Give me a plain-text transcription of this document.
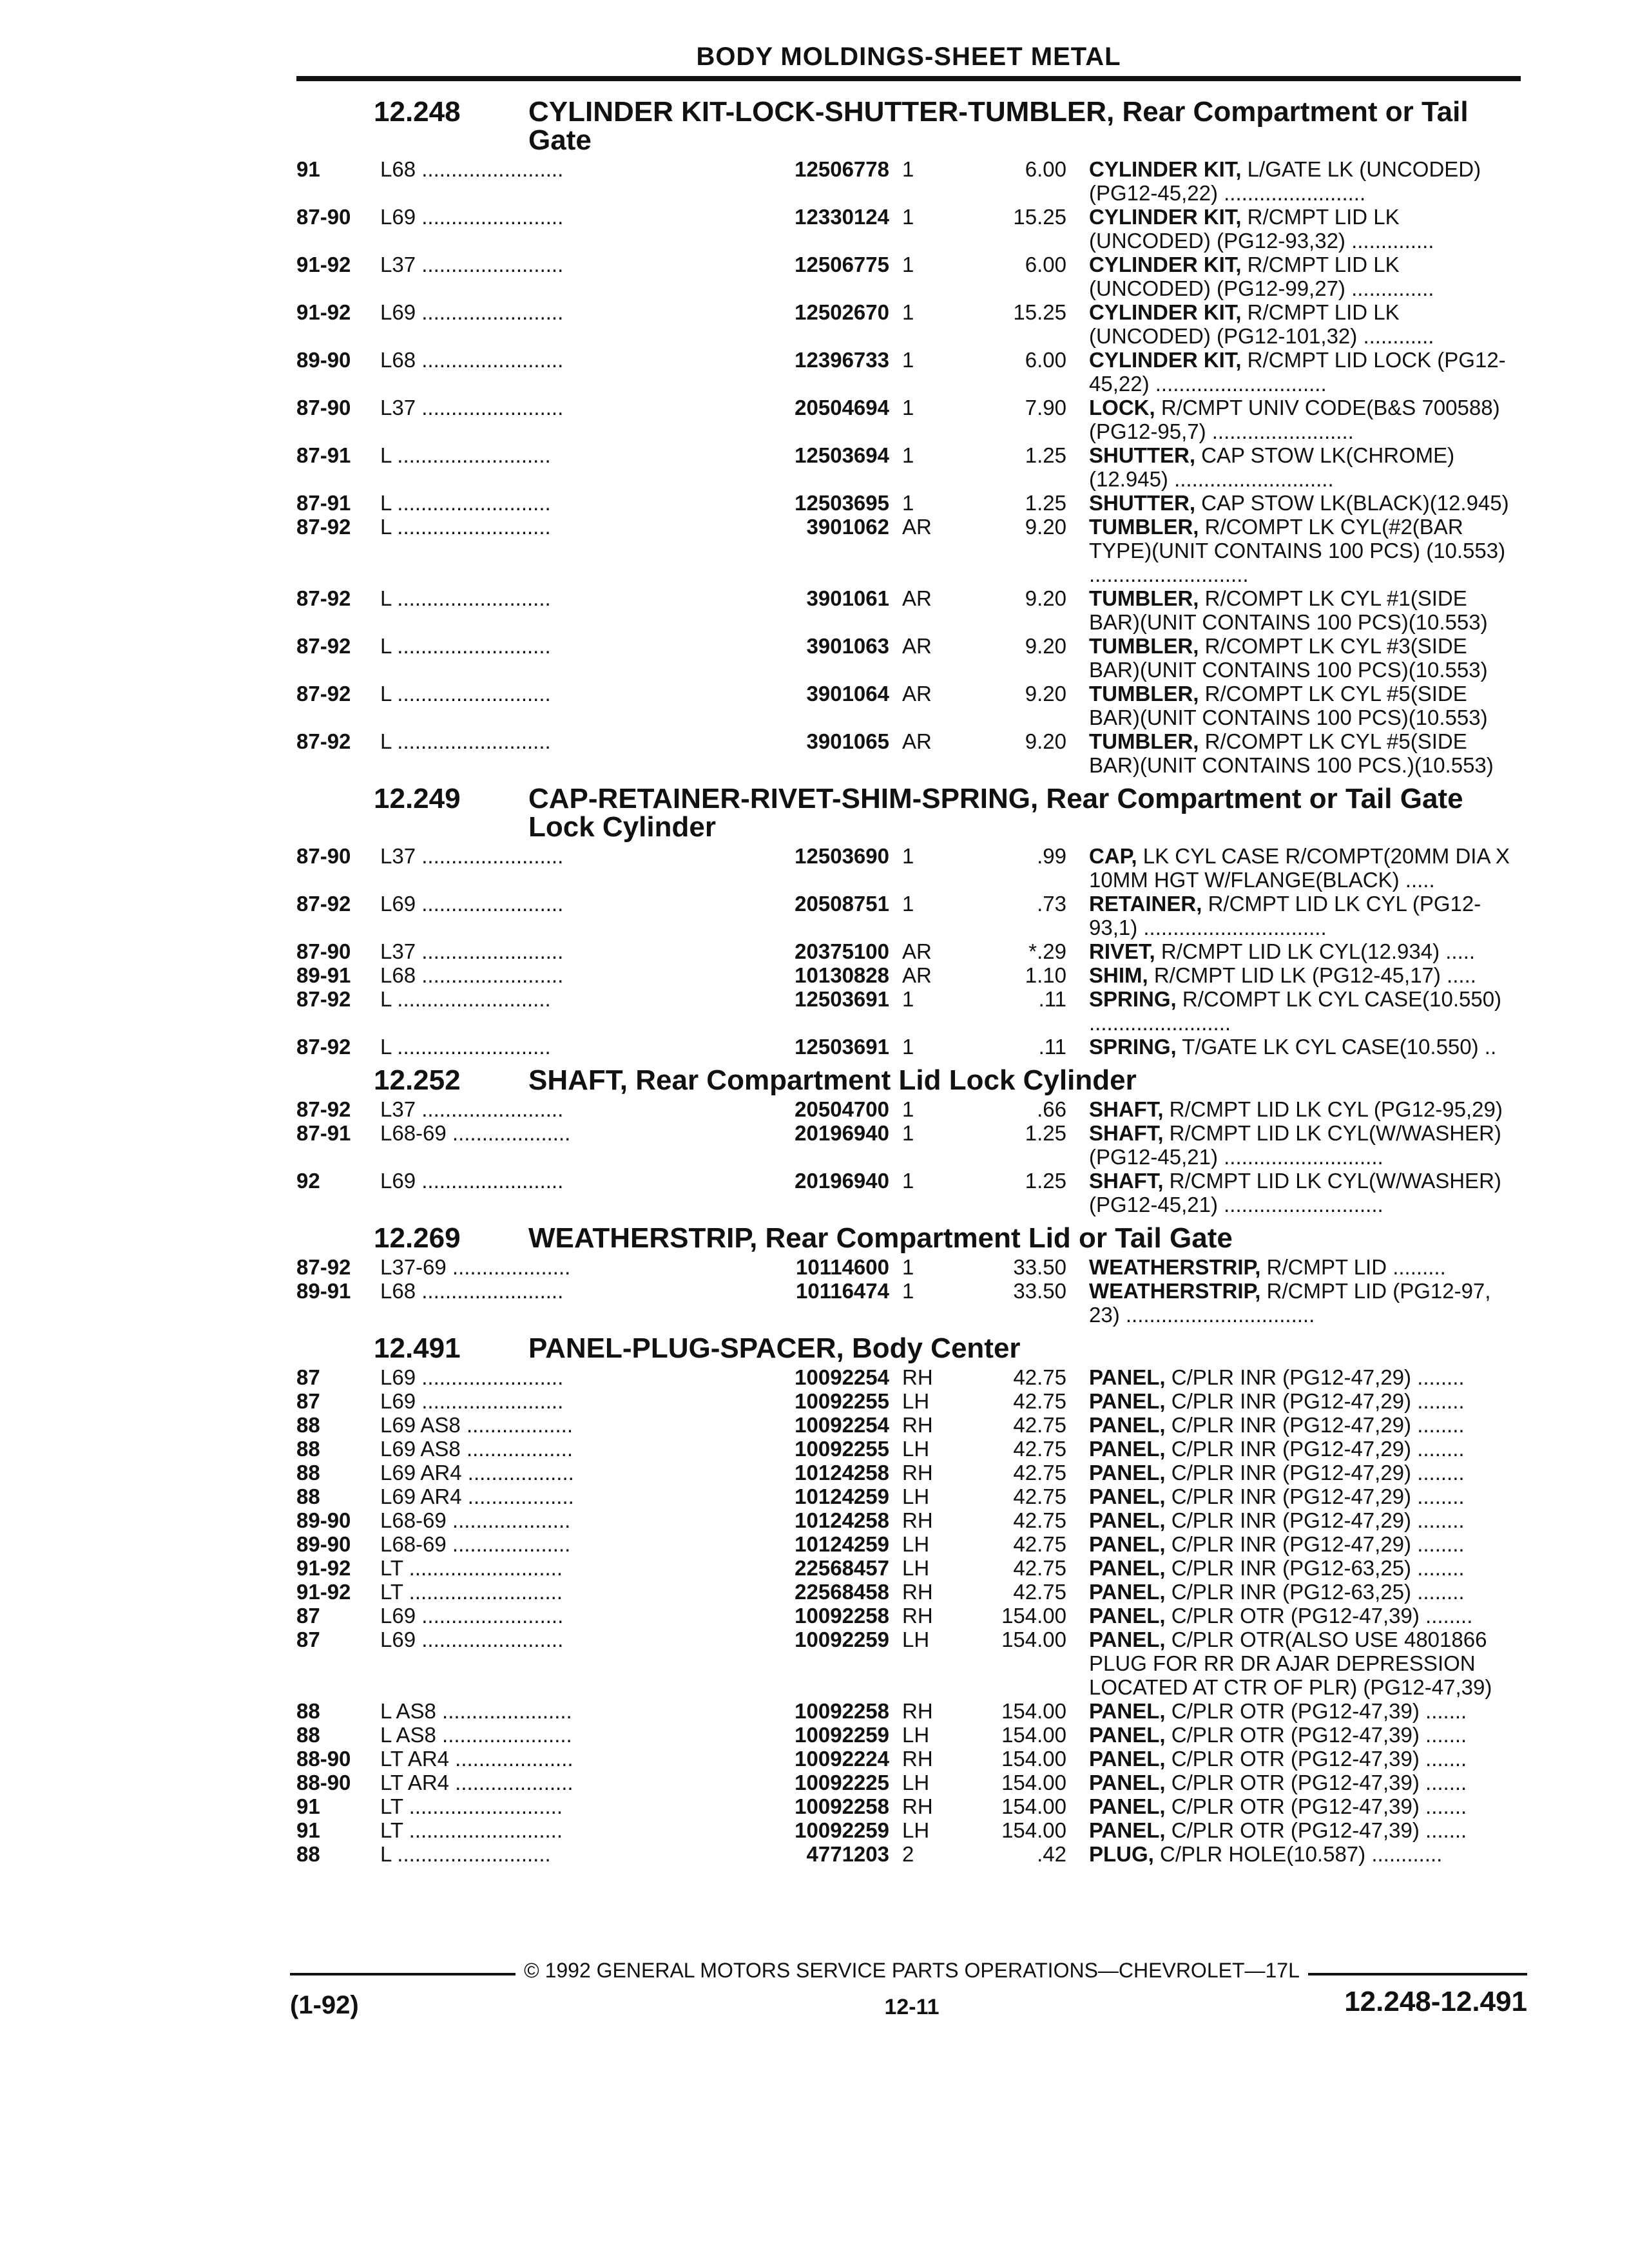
BODY MOLDINGS-SHEET METAL
12.248 CYLINDER KIT-LOCK-SHUTTER-TUMBLER, Rear Compartment or Tail Gate
91	L68 ........................	12506778 1	6.00 CYLINDER KIT, L/GATE LK (UNCODED) (PG12-45,22) ........................
87-90 L69 ........................	12330124 1	15.25 CYLINDER KIT, R/CMPT LID LK (UNCODED) (PG12-93,32) ..............
91-92 L37 ........................	12506775 1	6.00 CYLINDER KIT, R/CMPT LID LK (UNCODED) (PG12-99,27) ..............
91-92 L69 ........................	12502670 1	15.25 CYLINDER KIT, R/CMPT LID LK (UNCODED) (PG12-101,32) ............
89-90 L68 ........................	12396733 1	6.00 CYLINDER KIT, R/CMPT LID LOCK (PG12-45,22) .............................
87-90 L37 ........................	20504694 1	7.90 LOCK, R/CMPT UNIV CODE(B&S 700588) (PG12-95,7) ........................
87-91 L ..........................	12503694 1	1.25 SHUTTER, CAP STOW LK(CHROME) (12.945) ...........................
87-91 L ..........................	12503695 1	1.25 SHUTTER, CAP STOW LK(BLACK)(12.945)
87-92 L ..........................	3901062 AR	9.20 TUMBLER, R/COMPT LK CYL(#2(BAR TYPE)(UNIT CONTAINS 100 PCS) (10.553) ...........................
87-92 L ..........................	3901061 AR	9.20 TUMBLER, R/COMPT LK CYL #1(SIDE BAR)(UNIT CONTAINS 100 PCS)(10.553)
87-92 L ..........................	3901063 AR	9.20 TUMBLER, R/COMPT LK CYL #3(SIDE BAR)(UNIT CONTAINS 100 PCS)(10.553)
87-92 L ..........................	3901064 AR	9.20 TUMBLER, R/COMPT LK CYL #5(SIDE BAR)(UNIT CONTAINS 100 PCS)(10.553)
87-92 L ..........................	3901065 AR	9.20 TUMBLER, R/COMPT LK CYL #5(SIDE BAR)(UNIT CONTAINS 100 PCS.)(10.553)
12.249 CAP-RETAINER-RIVET-SHIM-SPRING, Rear Compartment or Tail Gate Lock Cylinder
87-90 L37 ........................	12503690 1	.99 CAP, LK CYL CASE R/COMPT(20MM DIA X 10MM HGT W/FLANGE(BLACK) .....
87-92 L69 ........................	20508751 1	.73 RETAINER, R/CMPT LID LK CYL (PG12-93,1) ...............................
87-90 L37 ........................	20375100 AR	*.29 RIVET, R/CMPT LID LK CYL(12.934) .....
89-91 L68 ........................	10130828 AR	1.10 SHIM, R/CMPT LID LK (PG12-45,17) .....
87-92 L ..........................	12503691 1	.11 SPRING, R/COMPT LK CYL CASE(10.550) ........................
87-92 L ..........................	12503691 1	.11 SPRING, T/GATE LK CYL CASE(10.550) ..
12.252 SHAFT, Rear Compartment Lid Lock Cylinder
87-92 L37 ........................	20504700 1	.66 SHAFT, R/CMPT LID LK CYL (PG12-95,29)
87-91 L68-69 ....................	20196940 1	1.25 SHAFT, R/CMPT LID LK CYL(W/WASHER) (PG12-45,21) ...........................
92	L69 ........................	20196940 1	1.25 SHAFT, R/CMPT LID LK CYL(W/WASHER) (PG12-45,21) ...........................
12.269 WEATHERSTRIP, Rear Compartment Lid or Tail Gate
87-92 L37-69 ....................	10114600 1	33.50 WEATHERSTRIP, R/CMPT LID .........
89-91 L68 ........................	10116474 1	33.50 WEATHERSTRIP, R/CMPT LID (PG12-97, 23) ................................
12.491 PANEL-PLUG-SPACER, Body Center
87	L69 ........................	10092254 RH	42.75 PANEL, C/PLR INR (PG12-47,29) ........
87	L69 ........................	10092255 LH	42.75 PANEL, C/PLR INR (PG12-47,29) ........
88	L69 AS8 ..................	10092254 RH	42.75 PANEL, C/PLR INR (PG12-47,29) ........
88	L69 AS8 ..................	10092255 LH	42.75 PANEL, C/PLR INR (PG12-47,29) ........
88	L69 AR4 ..................	10124258 RH	42.75 PANEL, C/PLR INR (PG12-47,29) ........
88	L69 AR4 ..................	10124259 LH	42.75 PANEL, C/PLR INR (PG12-47,29) ........
89-90 L68-69 ....................	10124258 RH	42.75 PANEL, C/PLR INR (PG12-47,29) ........
89-90 L68-69 ....................	10124259 LH	42.75 PANEL, C/PLR INR (PG12-47,29) ........
91-92 LT ..........................	22568457 LH	42.75 PANEL, C/PLR INR (PG12-63,25) ........
91-92 LT ..........................	22568458 RH	42.75 PANEL, C/PLR INR (PG12-63,25) ........
87	L69 ........................	10092258 RH	154.00 PANEL, C/PLR OTR (PG12-47,39) ........
87	L69 ........................	10092259 LH	154.00 PANEL, C/PLR OTR(ALSO USE 4801866 PLUG FOR RR DR AJAR DEPRESSION LOCATED AT CTR OF PLR) (PG12-47,39)
88	L AS8 ......................	10092258 RH	154.00 PANEL, C/PLR OTR (PG12-47,39) .......
88	L AS8 ......................	10092259 LH	154.00 PANEL, C/PLR OTR (PG12-47,39) .......
88-90 LT AR4 ....................	10092224 RH	154.00 PANEL, C/PLR OTR (PG12-47,39) .......
88-90 LT AR4 ....................	10092225 LH	154.00 PANEL, C/PLR OTR (PG12-47,39) .......
91	LT ..........................	10092258 RH	154.00 PANEL, C/PLR OTR (PG12-47,39) .......
91	LT ..........................	10092259 LH	154.00 PANEL, C/PLR OTR (PG12-47,39) .......
88	L ..........................	4771203 2	.42 PLUG, C/PLR HOLE(10.587) ............
© 1992 GENERAL MOTORS SERVICE PARTS OPERATIONS—CHEVROLET—17L
(1-92)	12-11	12.248-12.491
